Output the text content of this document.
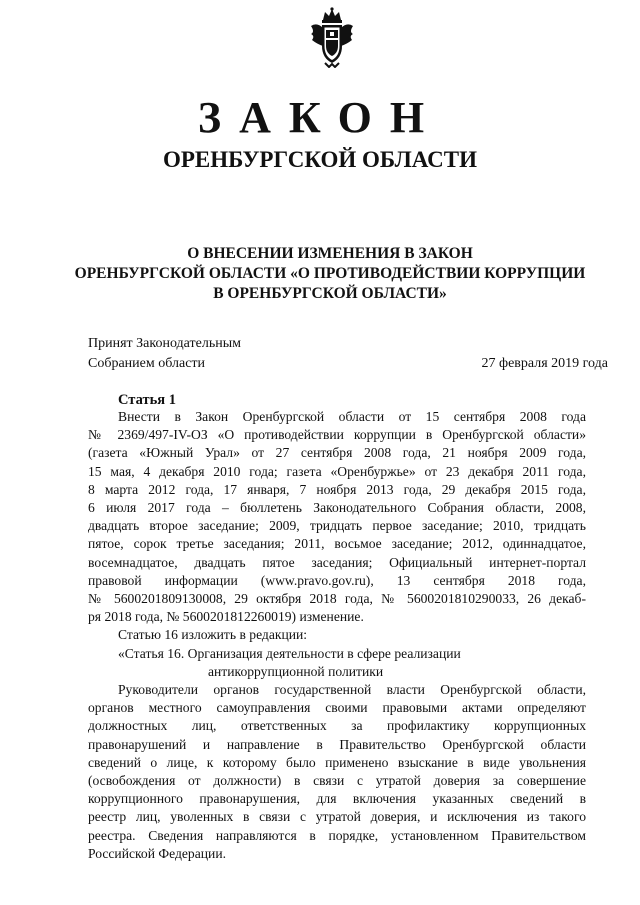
ЗАКОН
ОРЕНБУРГСКОЙ ОБЛАСТИ
О ВНЕСЕНИИ ИЗМЕНЕНИЯ В ЗАКОН
ОРЕНБУРГСКОЙ ОБЛАСТИ «О ПРОТИВОДЕЙСТВИИ КОРРУПЦИИ
В ОРЕНБУРГСКОЙ ОБЛАСТИ»
Принят Законодательным
Собранием области	27 февраля 2019 года
Статья 1
Внести в Закон Оренбургской области от 15 сентября 2008 года
№ 2369/497-IV-ОЗ «О противодействии коррупции в Оренбургской области»
(газета «Южный Урал» от 27 сентября 2008 года, 21 ноября 2009 года,
15 мая, 4 декабря 2010 года; газета «Оренбуржье» от 23 декабря 2011 года,
8 марта 2012 года, 17 января, 7 ноября 2013 года, 29 декабря 2015 года,
6 июля 2017 года – бюллетень Законодательного Собрания области, 2008,
двадцать второе заседание; 2009, тридцать первое заседание; 2010, тридцать
пятое, сорок третье заседания; 2011, восьмое заседание; 2012, одиннадцатое,
восемнадцатое, двадцать пятое заседания; Официальный интернет-портал
правовой информации (www.pravo.gov.ru), 13 сентября 2018 года,
№ 5600201809130008, 29 октября 2018 года, № 5600201810290033, 26 декаб-
ря 2018 года, № 5600201812260019) изменение.
Статью 16 изложить в редакции:
«Статья 16. Организация деятельности в сфере реализации
антикоррупционной политики
Руководители органов государственной власти Оренбургской области,
органов местного самоуправления своими правовыми актами определяют
должностных лиц, ответственных за профилактику коррупционных
правонарушений и направление в Правительство Оренбургской области
сведений о лице, к которому было применено взыскание в виде увольнения
(освобождения от должности) в связи с утратой доверия за совершение
коррупционного правонарушения, для включения указанных сведений в
реестр лиц, уволенных в связи с утратой доверия, и исключения из такого
реестра. Сведения направляются в порядке, установленном Правительством
Российской Федерации.
